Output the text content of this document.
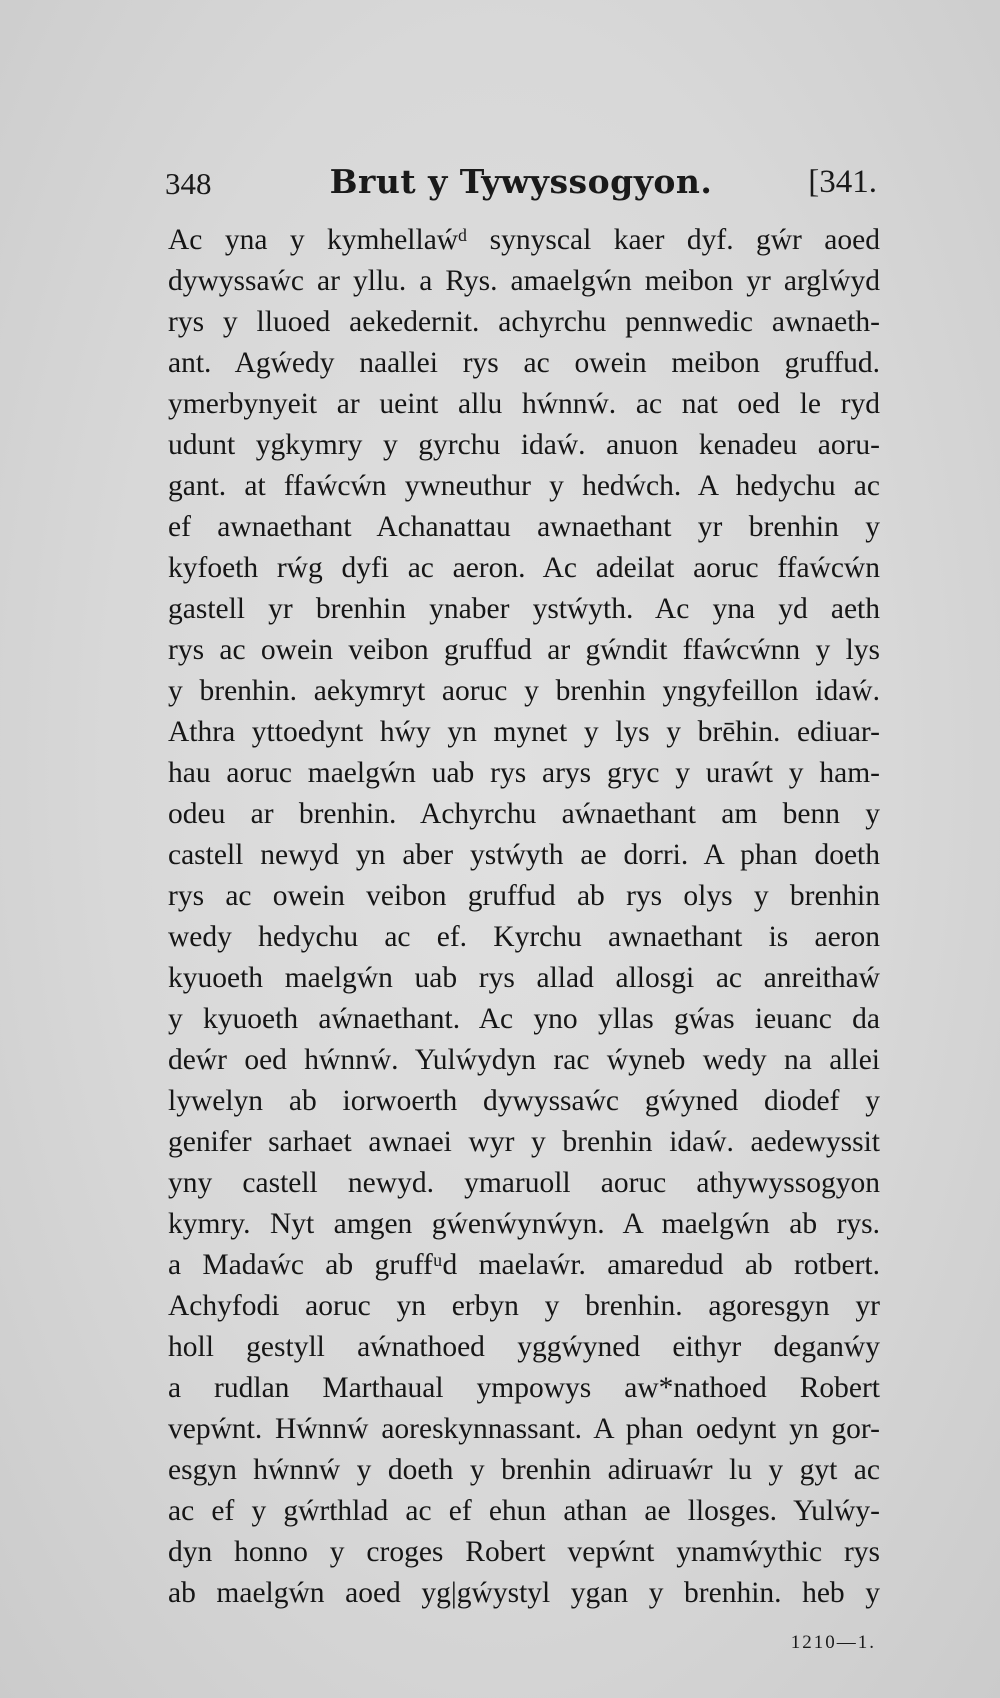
348	Brut y Tywyssogyon.	[341.
Ac yna y kymhellaẃᵈ synyscal kaer dyf. gẃr aoed
dywyssaẃc ar yllu. a Rys. amaelgẃn meibon yr arglẃyd
rys y lluoed aekedernit. achyrchu pennwedic awnaeth-
ant. Agẃedy naallei rys ac owein meibon gruffud.
ymerbynyeit ar ueint allu hẃnnẃ. ac nat oed le ryd
udunt ygkymry y gyrchu idaẃ. anuon kenadeu aoru-
gant. at ffaẃcẃn ywneuthur y hedẃch. A hedychu ac
ef awnaethant Achanattau awnaethant yr brenhin y
kyfoeth rẃg dyfi ac aeron. Ac adeilat aoruc ffaẃcẃn
gastell yr brenhin ynaber ystẃyth. Ac yna yd aeth
rys ac owein veibon gruffud ar gẃndit ffaẃcẃnn y lys
y brenhin. aekymryt aoruc y brenhin yngyfeillon idaẃ.
Athra yttoedynt hẃy yn mynet y lys y brēhin. ediuar-
hau aoruc maelgẃn uab rys arys gryc y uraẃt y ham-
odeu ar brenhin. Achyrchu aẃnaethant am benn y
castell newyd yn aber ystẃyth ae dorri. A phan doeth
rys ac owein veibon gruffud ab rys olys y brenhin
wedy hedychu ac ef. Kyrchu awnaethant is aeron
kyuoeth maelgẃn uab rys allad allosgi ac anreithaẃ
y kyuoeth aẃnaethant. Ac yno yllas gẃas ieuanc da
deẃr oed hẃnnẃ. Yulẃydyn rac ẃyneb wedy na allei
lywelyn ab iorwoerth dywyssaẃc gẃyned diodef y
genifer sarhaet awnaei wyr y brenhin idaẃ. aedewyssit
yny castell newyd. ymaruoll aoruc athywyssogyon
kymry. Nyt amgen gẃenẃynẃyn. A maelgẃn ab rys.
a Madaẃc ab gruffᵘd maelaẃr. amaredud ab rotbert.
Achyfodi aoruc yn erbyn y brenhin. agoresgyn yr
holl gestyll aẃnathoed yggẃyned eithyr deganẃy
a rudlan Marthaual ympowys aw*nathoed Robert
vepẃnt. Hẃnnẃ aoreskynnassant. A phan oedynt yn gor-
esgyn hẃnnẃ y doeth y brenhin adiruaẃr lu y gyt ac
ac ef y gẃrthlad ac ef ehun athan ae llosges. Yulẃy-
dyn honno y croges Robert vepẃnt ynamẃythic rys
ab maelgẃn aoed yg|gẃystyl ygan y brenhin. heb y
1210—1.
